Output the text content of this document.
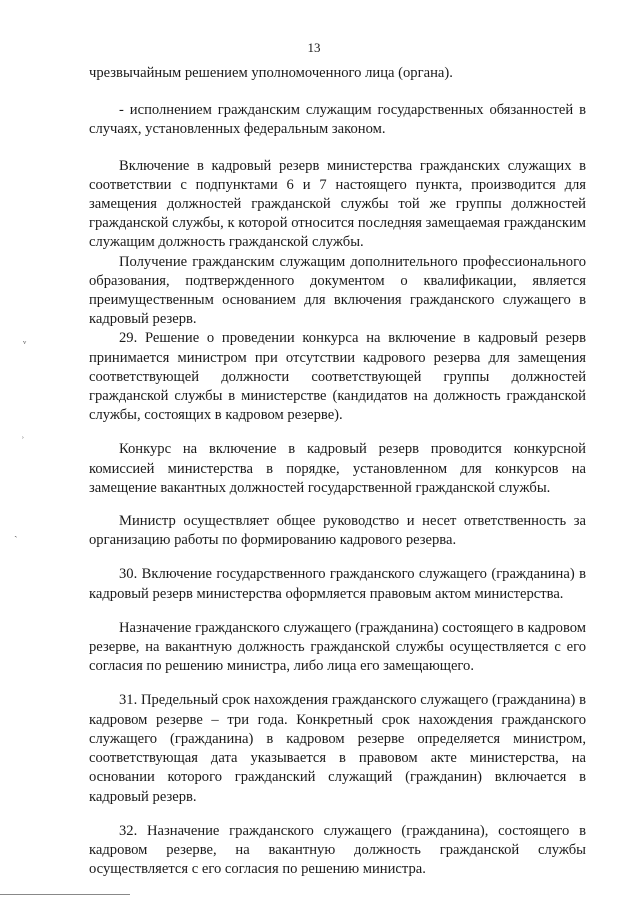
13
ᵛ
˒
ˎ

чрезвычайным решением уполномоченного лица (органа).

- исполнением гражданским служащим государственных обязанностей в случаях, установленных федеральным законом.

Включение в кадровый резерв министерства гражданских служащих в соответствии с подпунктами 6 и 7 настоящего пункта, производится для замещения должностей гражданской службы той же группы должностей гражданской службы, к которой относится последняя замещаемая гражданским служащим должность гражданской службы.

Получение гражданским служащим дополнительного профессионального образования, подтвержденного документом о квалификации, является преимущественным основанием для включения гражданского служащего в кадровый резерв.

29. Решение о проведении конкурса на включение в кадровый резерв принимается министром при отсутствии кадрового резерва для замещения соответствующей должности соответствующей группы должностей гражданской службы в министерстве (кандидатов на должность гражданской службы, состоящих в кадровом резерве).

Конкурс на включение в кадровый резерв проводится конкурсной комиссией министерства в порядке, установленном для конкурсов на замещение вакантных должностей государственной гражданской службы.

Министр осуществляет общее руководство и несет ответственность за организацию работы по формированию кадрового резерва.

30. Включение государственного гражданского служащего (гражданина) в кадровый резерв министерства оформляется правовым актом министерства.

Назначение гражданского служащего (гражданина) состоящего в кадровом резерве, на вакантную должность гражданской службы осуществляется с его согласия по решению министра, либо лица его замещающего.

31. Предельный срок нахождения гражданского служащего (гражданина) в кадровом резерве – три года. Конкретный срок нахождения гражданского служащего (гражданина) в кадровом резерве определяется министром, соответствующая дата указывается в правовом акте министерства, на основании которого гражданский служащий (гражданин) включается в кадровый резерв.

32. Назначение гражданского служащего (гражданина), состоящего в кадровом резерве, на вакантную должность гражданской службы осуществляется с его согласия по решению министра.
